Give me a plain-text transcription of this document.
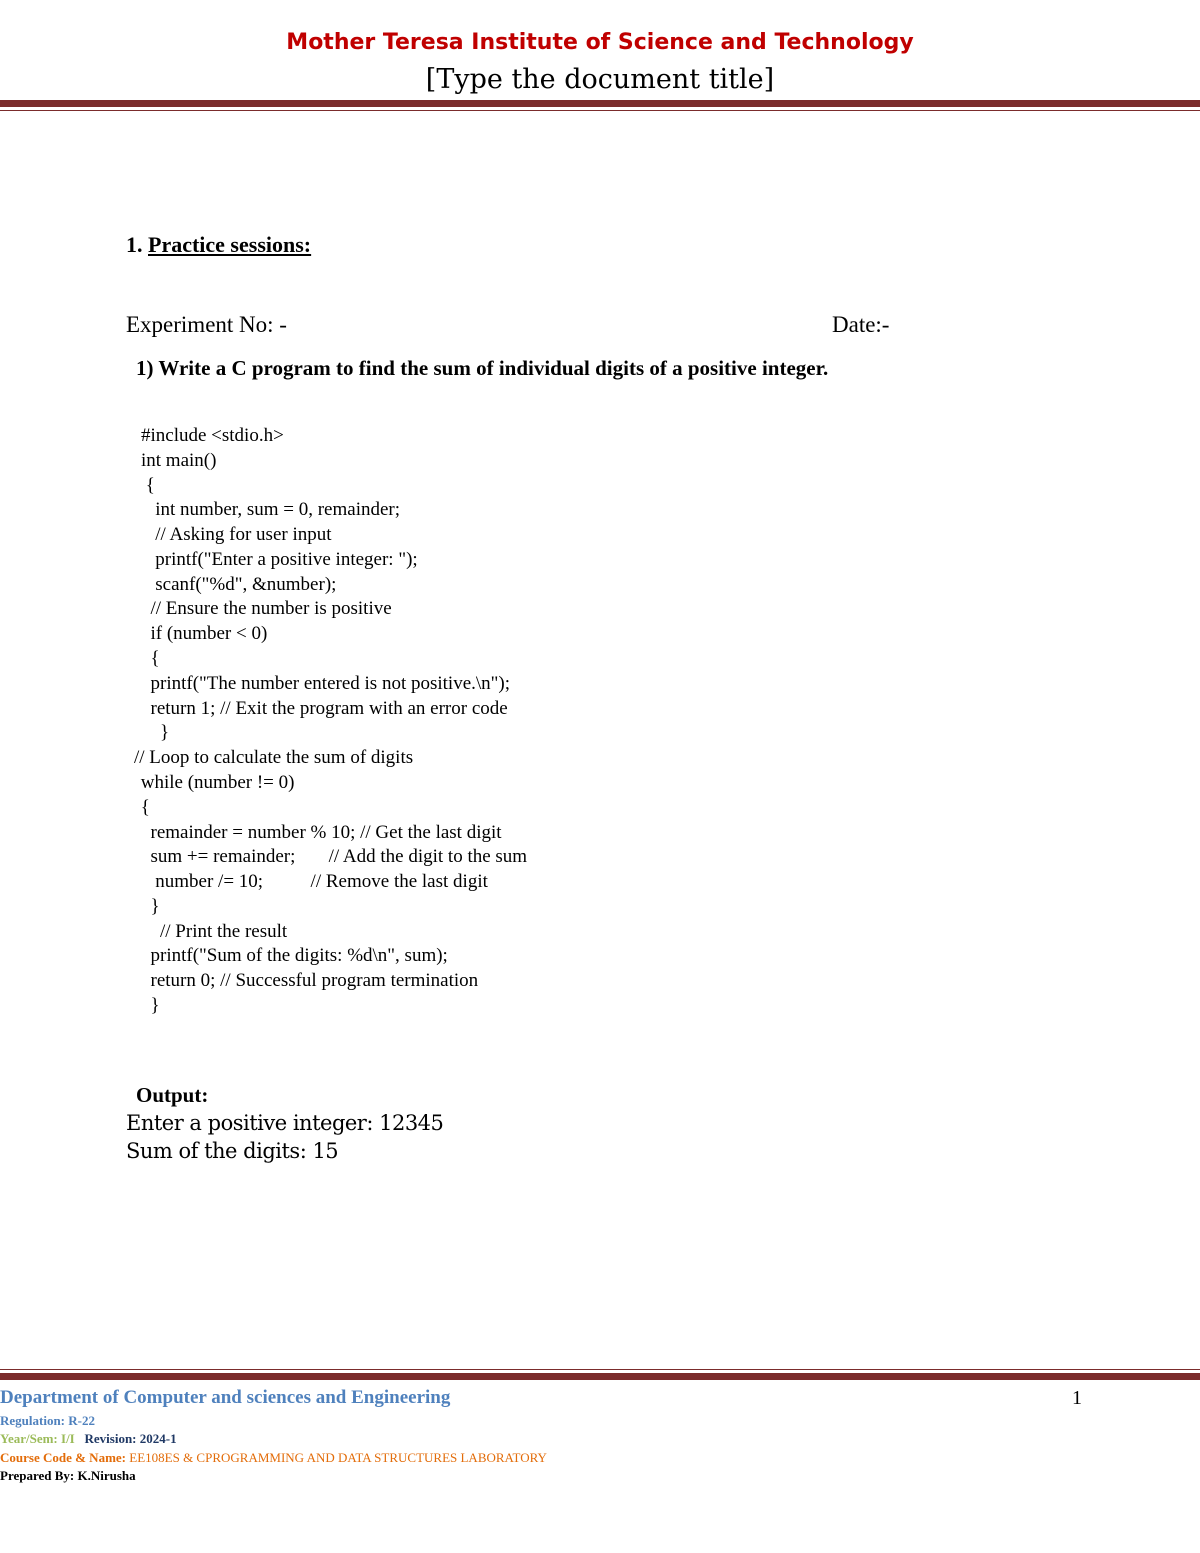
Mother Teresa Institute of Science and Technology
[Type the document title]
1. Practice sessions:
Experiment No: -	Date:-
1) Write a C program to find the sum of individual digits of a positive integer.
#include <stdio.h>
int main()
{
int number, sum = 0, remainder;
// Asking for user input
printf("Enter a positive integer: ");
scanf("%d", &number);
// Ensure the number is positive
if (number < 0)
{
printf("The number entered is not positive.\n");
return 1; // Exit the program with an error code
}
// Loop to calculate the sum of digits
while (number != 0)
{
remainder = number % 10; // Get the last digit
sum += remainder;       // Add the digit to the sum
number /= 10;          // Remove the last digit
}
// Print the result
printf("Sum of the digits: %d\n", sum);
return 0; // Successful program termination
}
Output:
Enter a positive integer: 12345
Sum of the digits: 15
Department of Computer and sciences and Engineering	1
Regulation: R-22
Year/Sem: I/I Revision: 2024-1
Course Code & Name: EE108ES & CPROGRAMMING AND DATA STRUCTURES LABORATORY
Prepared By: K.Nirusha
